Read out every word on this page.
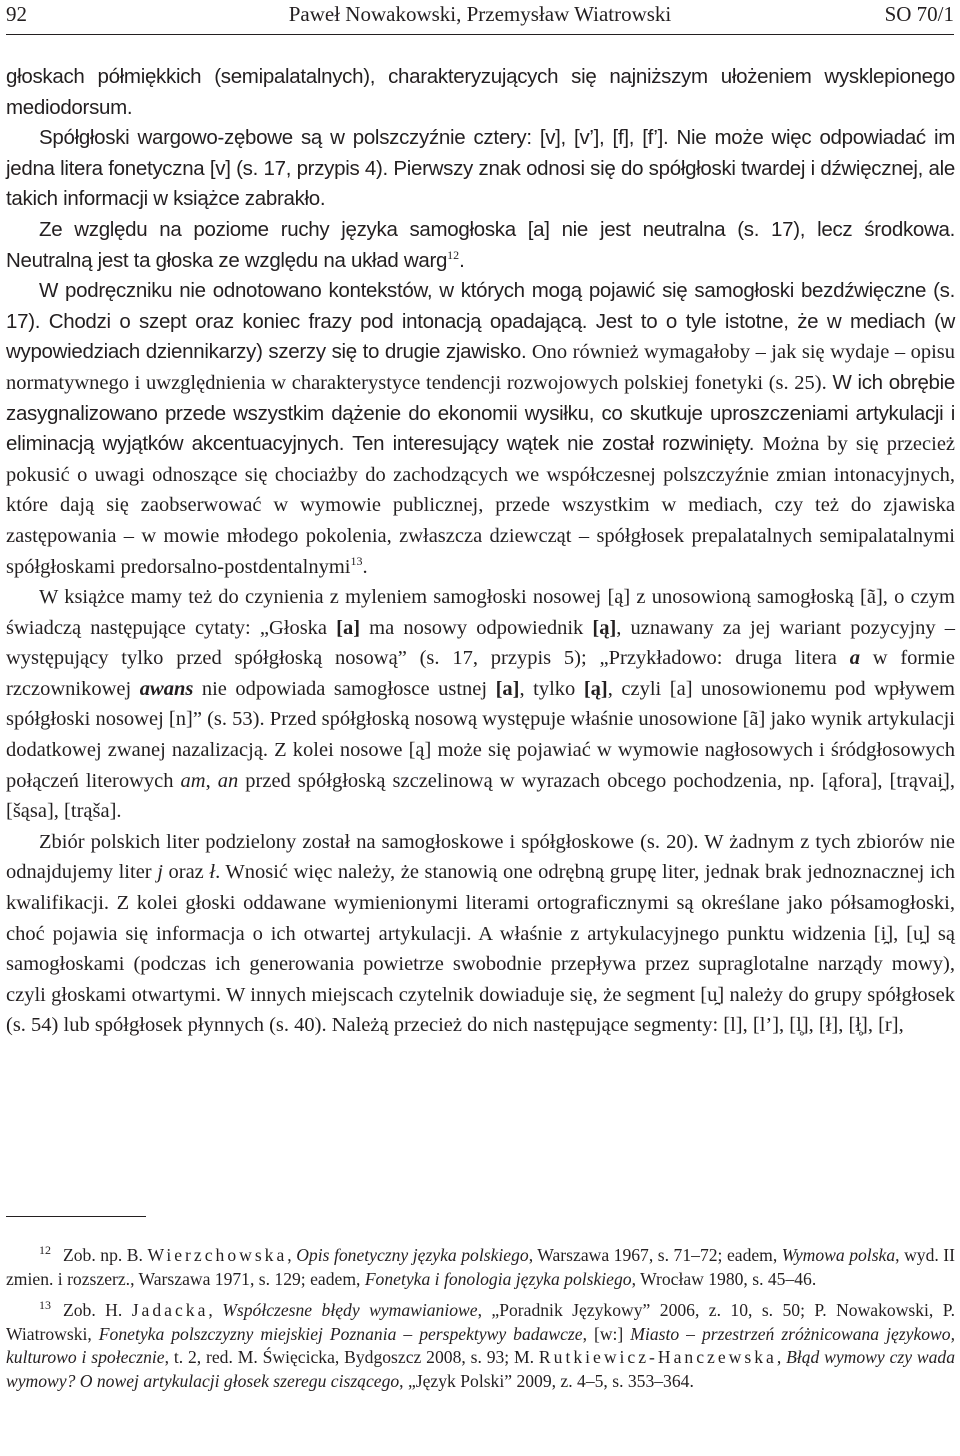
92	Paweł Nowakowski, Przemysław Wiatrowski	SO 70/1

głoskach półmiękkich (semipalatalnych), charakteryzujących się najniższym ułożeniem wysklepionego mediodorsum.

Spółgłoski wargowo-zębowe są w polszczyźnie cztery: [v], [v’], [f], [f’]. Nie może więc odpowiadać im jedna litera fonetyczna [v] (s. 17, przypis 4). Pierwszy znak odnosi się do spółgłoski twardej i dźwięcznej, ale takich informacji w książce zabrakło.

Ze względu na poziome ruchy języka samogłoska [a] nie jest neutralna (s. 17), lecz środkowa. Neutralną jest ta głoska ze względu na układ warg$^{12}$.

W podręczniku nie odnotowano kontekstów, w których mogą pojawić się samogłoski bezdźwięczne (s. 17). Chodzi o szept oraz koniec frazy pod intonacją opadającą. Jest to o tyle istotne, że w mediach (w wypowiedziach dziennikarzy) szerzy się to drugie zjawisko. Ono również wymagałoby – jak się wydaje – opisu normatywnego i uwzględnienia w charakterystyce tendencji rozwojowych polskiej fonetyki (s. 25). W ich obrębie zasygnalizowano przede wszystkim dążenie do ekonomii wysiłku, co skutkuje uproszczeniami artykulacji i eliminacją wyjątków akcentuacyjnych. Ten interesujący wątek nie został rozwinięty. Można by się przecież pokusić o uwagi odnoszące się chociażby do zachodzących we współczesnej polszczyźnie zmian intonacyjnych, które dają się zaobserwować w wymowie publicznej, przede wszystkim w mediach, czy też do zjawiska zastępowania – w mowie młodego pokolenia, zwłaszcza dziewcząt – spółgłosek prepalatalnych semipalatalnymi spółgłoskami predorsalno-postdentalnymi$^{13}$.

W książce mamy też do czynienia z myleniem samogłoski nosowej [ą] z unosowioną samogłoską [ã], o czym świadczą następujące cytaty: „Głoska [a] ma nosowy odpowiednik [ą], uznawany za jej wariant pozycyjny – występujący tylko przed spółgłoską nosową” (s. 17, przypis 5); „Przykładowo: druga litera a w formie rzczownikowej awans nie odpowiada samogłosce ustnej [a], tylko [ą], czyli [a] unosowionemu pod wpływem spółgłoski nosowej [n]” (s. 53). Przed spółgłoską nosową występuje właśnie unosowione [ã] jako wynik artykulacji dodatkowej zwanej nazalizacją. Z kolei nosowe [ą] może się pojawiać w wymowie nagłosowych i śródgłosowych połączeń literowych am, an przed spółgłoską szczelinową w wyrazach obcego pochodzenia, np. [ąfora], [trąvai̯], [šąsa], [trąša].

Zbiór polskich liter podzielony został na samogłoskowe i spółgłoskowe (s. 20). W żadnym z tych zbiorów nie odnajdujemy liter j oraz ł. Wnosić więc należy, że stanowią one odrębną grupę liter, jednak brak jednoznacznej ich kwalifikacji. Z kolei głoski oddawane wymienionymi literami ortograficznymi są określane jako półsamogłoski, choć pojawia się informacja o ich otwartej artykulacji. A właśnie z artykulacyjnego punktu widzenia [i̯], [u̯] są samogłoskami (podczas ich generowania powietrze swobodnie przepływa przez supraglotalne narządy mowy), czyli głoskami otwartymi. W innych miejscach czytelnik dowiaduje się, że segment [u̯] należy do grupy spółgłosek (s. 54) lub spółgłosek płynnych (s. 40). Należą przecież do nich następujące segmenty: [l], [l’], [l̥], [ł], [ł̥], [r],

$^{12}$ Zob. np. B. Wierzchowska, Opis fonetyczny języka polskiego, Warszawa 1967, s. 71–72; eadem, Wymowa polska, wyd. II zmien. i rozszerz., Warszawa 1971, s. 129; eadem, Fonetyka i fonologia języka polskiego, Wrocław 1980, s. 45–46.

$^{13}$ Zob. H. Jadacka, Współczesne błędy wymawianiowe, „Poradnik Językowy” 2006, z. 10, s. 50; P. Nowakowski, P. Wiatrowski, Fonetyka polszczyzny miejskiej Poznania – perspektywy badawcze, [w:] Miasto – przestrzeń zróżnicowana językowo, kulturowo i społecznie, t. 2, red. M. Święcicka, Bydgoszcz 2008, s. 93; M. Rutkiewicz-Hanczewska, Błąd wymowy czy wada wymowy? O nowej artykulacji głosek szeregu ciszącego, „Język Polski” 2009, z. 4–5, s. 353–364.
